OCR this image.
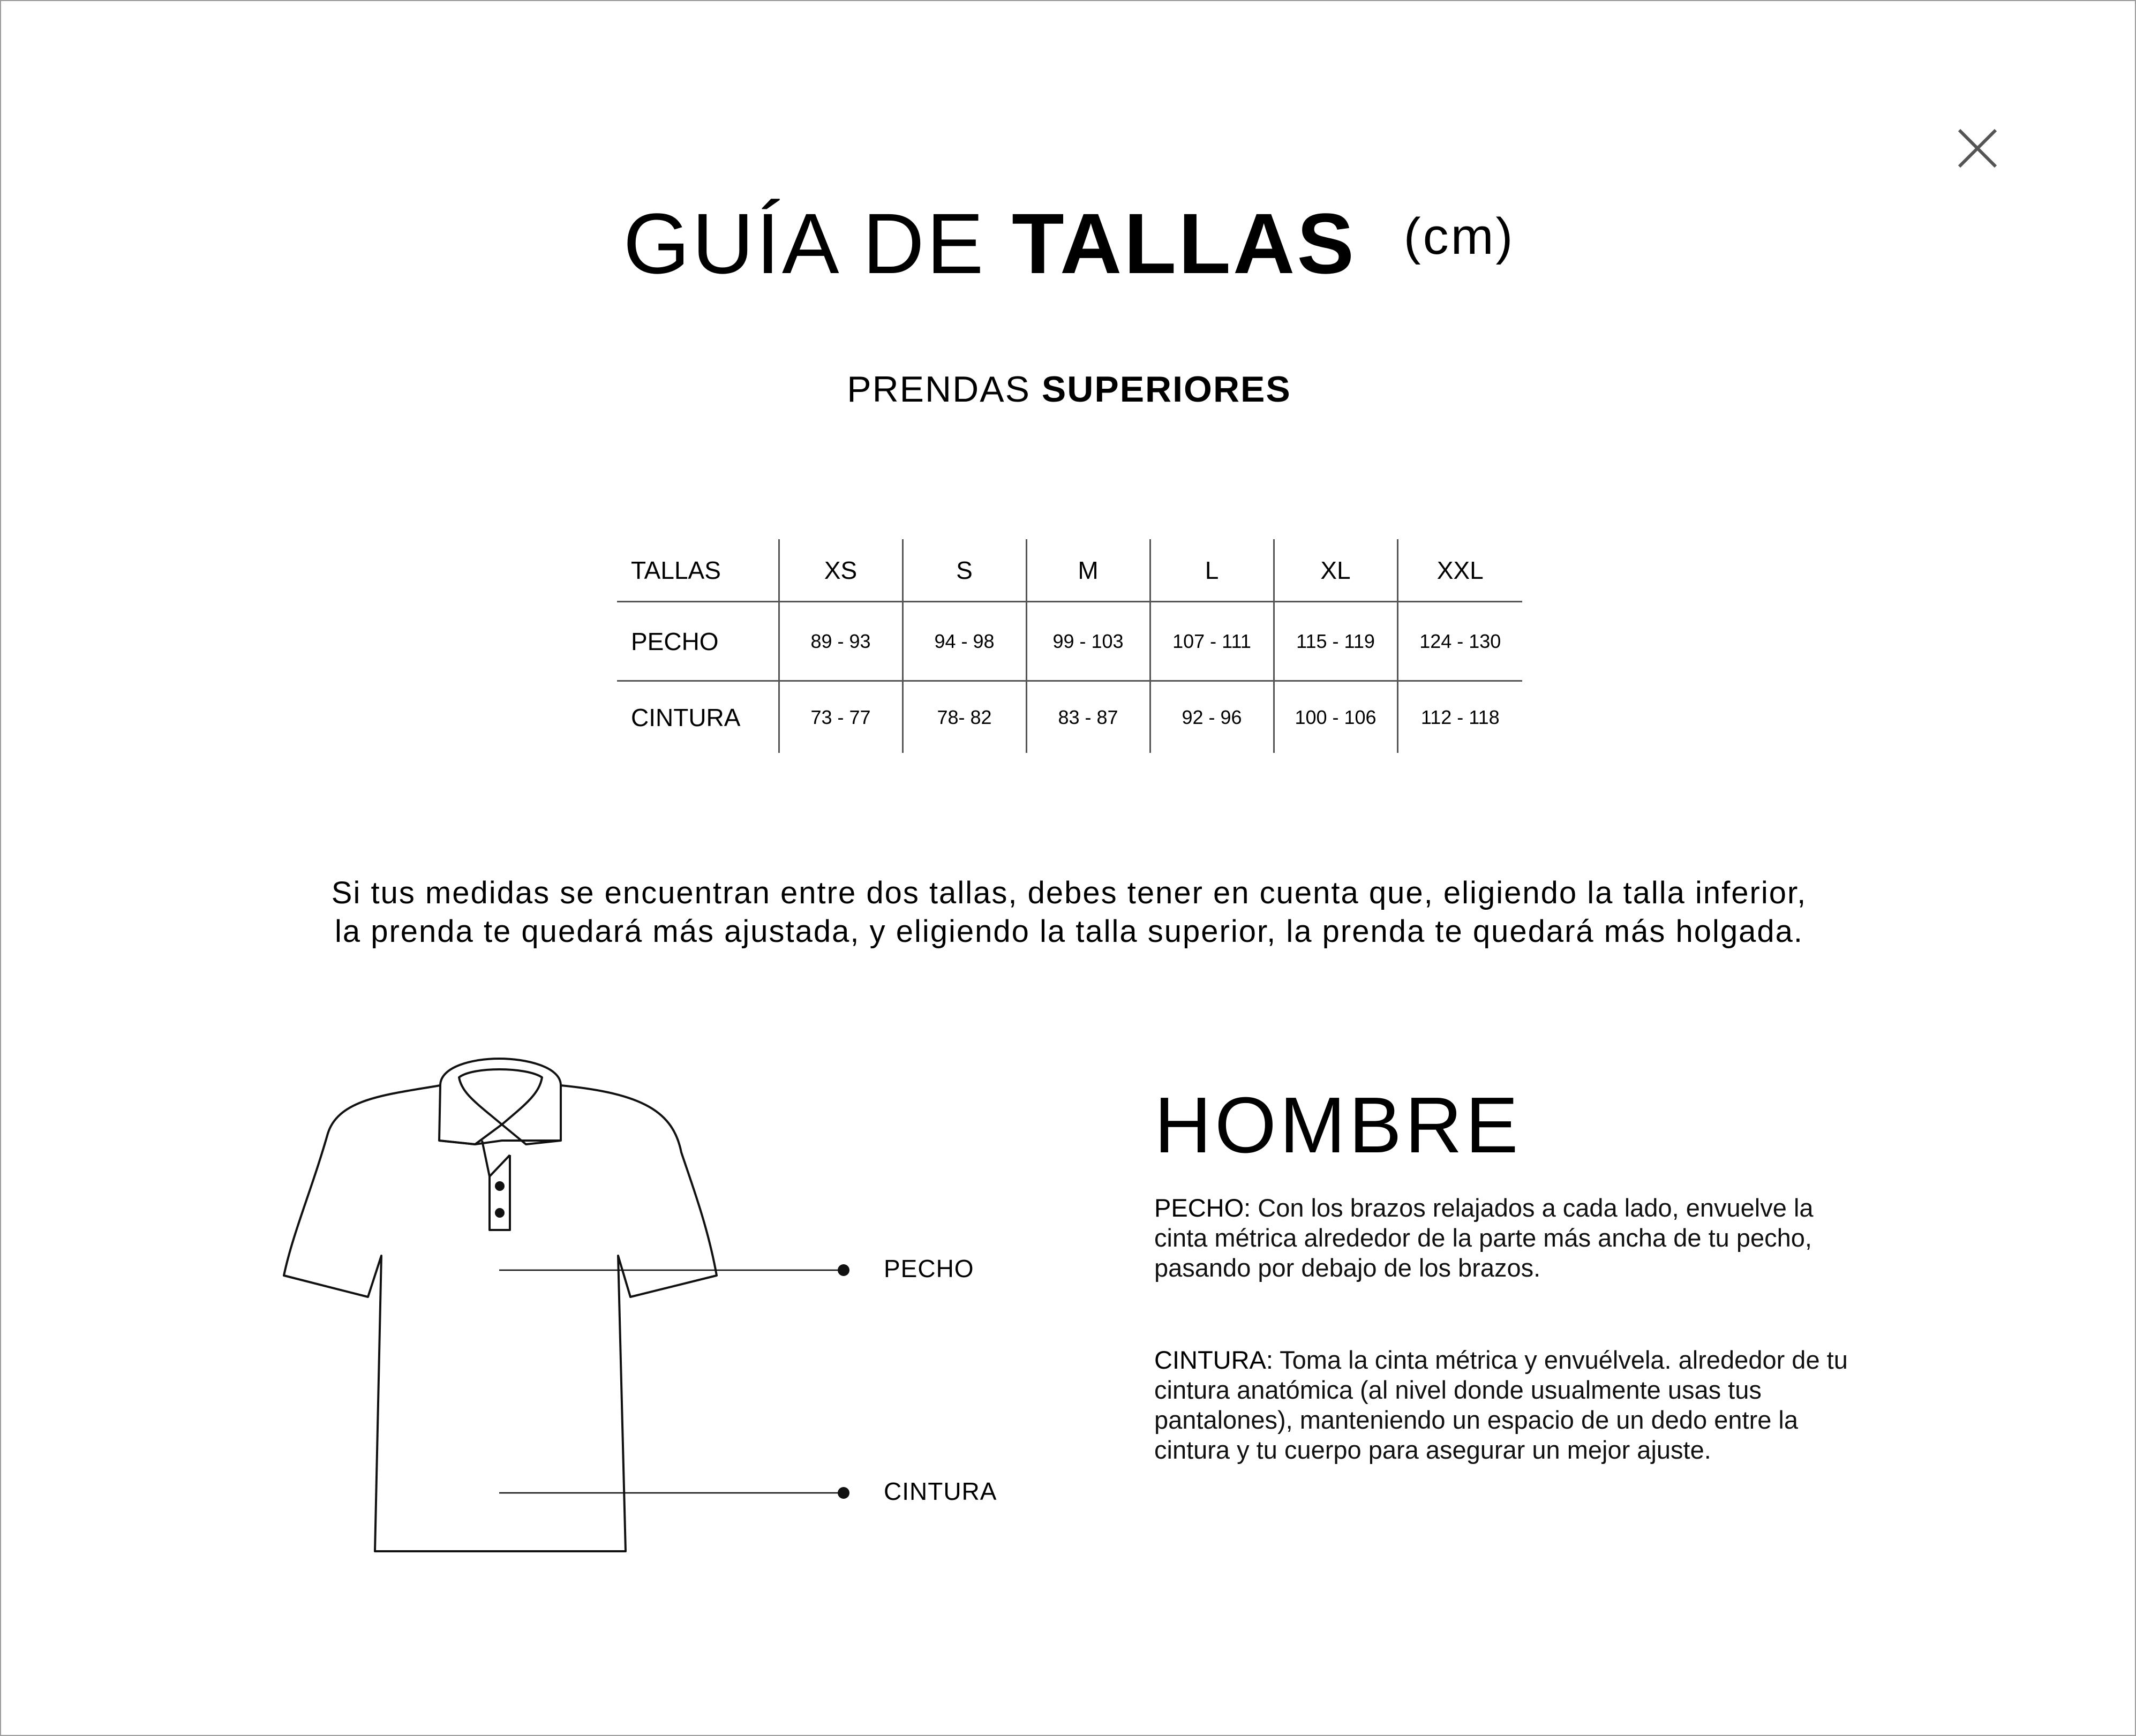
GUÍA DE TALLAS $^{(cm)}$
PRENDAS SUPERIORES
TALLAS	XS	S	M	L	XL	XXL
PECHO	89 - 93	94 - 98	99 - 103	107 - 111	115 - 119	124 - 130
CINTURA	73 - 77	78- 82	83 - 87	92 - 96	100 - 106	112 - 118
Si tus medidas se encuentran entre dos tallas, debes tener en cuenta que, eligiendo la talla inferior,
la prenda te quedará más ajustada, y eligiendo la talla superior, la prenda te quedará más holgada.
PECHO
CINTURA
HOMBRE
PECHO: Con los brazos relajados a cada lado, envuelve la
cinta métrica alrededor de la parte más ancha de tu pecho,
pasando por debajo de los brazos.
CINTURA: Toma la cinta métrica y envuélvela. alrededor de tu
cintura anatómica (al nivel donde usualmente usas tus
pantalones), manteniendo un espacio de un dedo entre la
cintura y tu cuerpo para asegurar un mejor ajuste.
